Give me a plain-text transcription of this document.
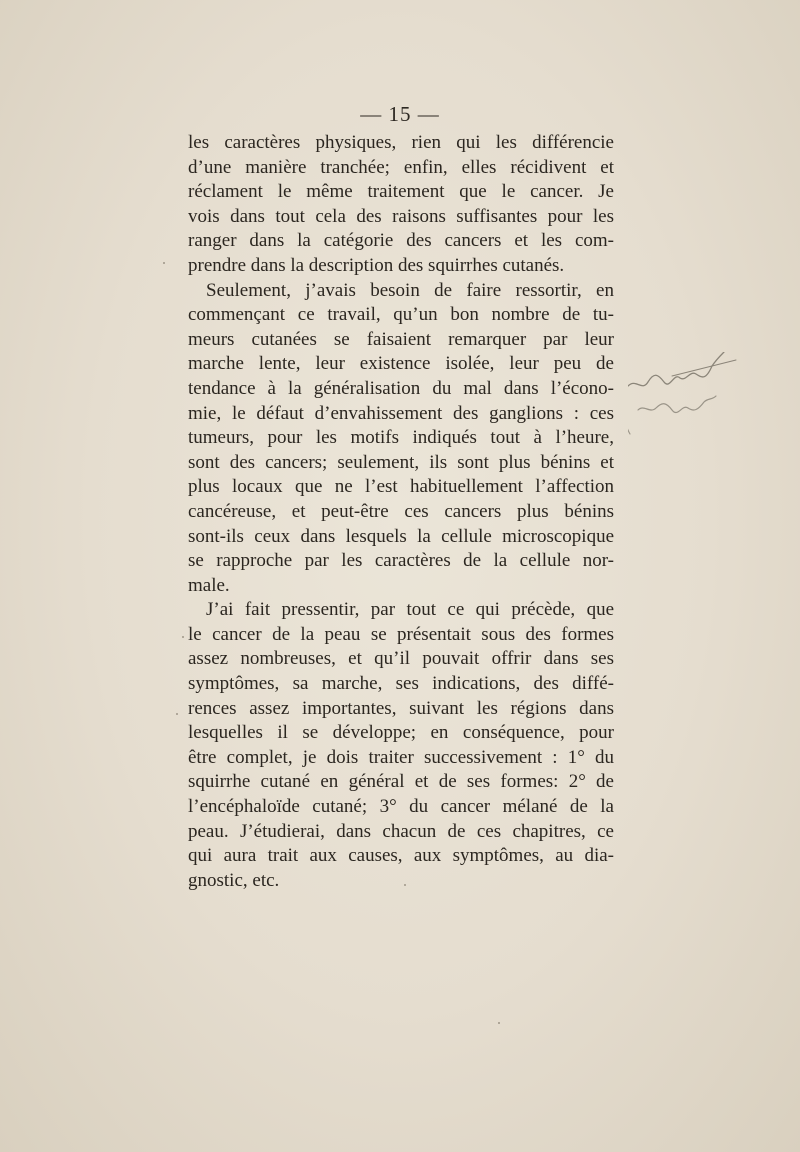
— 15 —
les caractères physiques, rien qui les différencie
d’une manière tranchée; enfin, elles récidivent et
réclament le même traitement que le cancer. Je
vois dans tout cela des raisons suffisantes pour les
ranger dans la catégorie des cancers et les com-
prendre dans la description des squirrhes cutanés.
Seulement, j’avais besoin de faire ressortir, en
commençant ce travail, qu’un bon nombre de tu-
meurs cutanées se faisaient remarquer par leur
marche lente, leur existence isolée, leur peu de
tendance à la généralisation du mal dans l’écono-
mie, le défaut d’envahissement des ganglions : ces
tumeurs, pour les motifs indiqués tout à l’heure,
sont des cancers; seulement, ils sont plus bénins et
plus locaux que ne l’est habituellement l’affection
cancéreuse, et peut-être ces cancers plus bénins
sont-ils ceux dans lesquels la cellule microscopique
se rapproche par les caractères de la cellule nor-
male.
J’ai fait pressentir, par tout ce qui précède, que
le cancer de la peau se présentait sous des formes
assez nombreuses, et qu’il pouvait offrir dans ses
symptômes, sa marche, ses indications, des diffé-
rences assez importantes, suivant les régions dans
lesquelles il se développe; en conséquence, pour
être complet, je dois traiter successivement : 1° du
squirrhe cutané en général et de ses formes: 2° de
l’encéphaloïde cutané; 3° du cancer mélané de la
peau. J’étudierai, dans chacun de ces chapitres, ce
qui aura trait aux causes, aux symptômes, au dia-
gnostic, etc.
